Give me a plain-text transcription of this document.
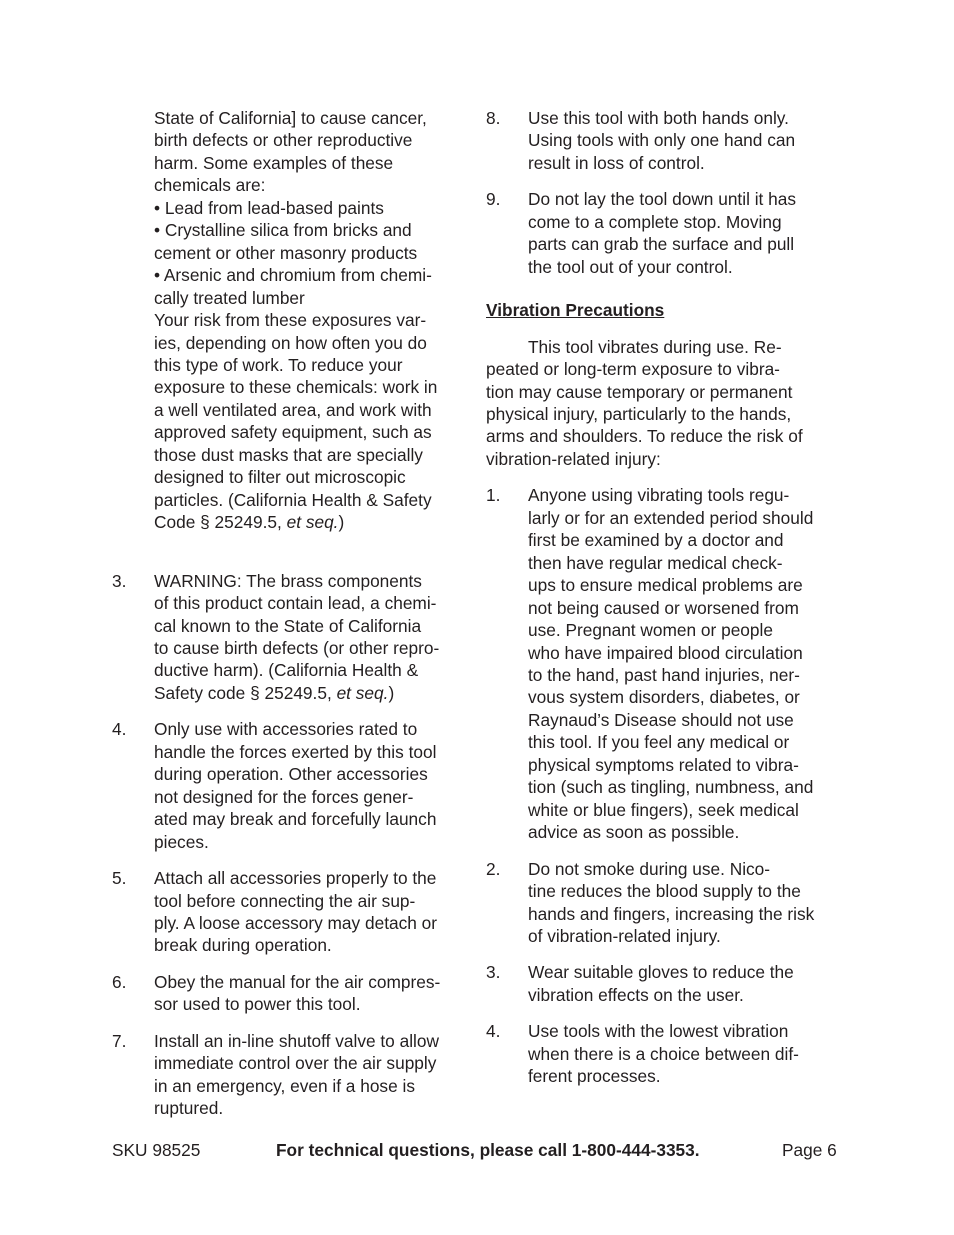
State of California] to cause cancer,
birth defects or other reproductive
harm. Some examples of these
chemicals are:
• Lead from lead-based paints
• Crystalline silica from bricks and
cement or other masonry products
• Arsenic and chromium from chemi-
cally treated lumber
Your risk from these exposures var-
ies, depending on how often you do
this type of work. To reduce your
exposure to these chemicals: work in
a well ventilated area, and work with
approved safety equipment, such as
those dust masks that are specially
designed to filter out microscopic
particles. (California Health & Safety
Code § 25249.5, et seq.)
3. WARNING: The brass components
of this product contain lead, a chemi-
cal known to the State of California
to cause birth defects (or other repro-
ductive harm). (California Health &
Safety code § 25249.5, et seq.)
4. Only use with accessories rated to
handle the forces exerted by this tool
during operation. Other accessories
not designed for the forces gener-
ated may break and forcefully launch
pieces.
5. Attach all accessories properly to the
tool before connecting the air sup-
ply. A loose accessory may detach or
break during operation.
6. Obey the manual for the air compres-
sor used to power this tool.
7. Install an in-line shutoff valve to allow
immediate control over the air supply
in an emergency, even if a hose is
ruptured.
8. Use this tool with both hands only.
Using tools with only one hand can
result in loss of control.
9. Do not lay the tool down until it has
come to a complete stop. Moving
parts can grab the surface and pull
the tool out of your control.
Vibration Precautions
This tool vibrates during use. Re-
peated or long-term exposure to vibra-
tion may cause temporary or permanent
physical injury, particularly to the hands,
arms and shoulders. To reduce the risk of
vibration-related injury:
1. Anyone using vibrating tools regu-
larly or for an extended period should
first be examined by a doctor and
then have regular medical check-
ups to ensure medical problems are
not being caused or worsened from
use. Pregnant women or people
who have impaired blood circulation
to the hand, past hand injuries, ner-
vous system disorders, diabetes, or
Raynaud’s Disease should not use
this tool. If you feel any medical or
physical symptoms related to vibra-
tion (such as tingling, numbness, and
white or blue fingers), seek medical
advice as soon as possible.
2. Do not smoke during use. Nico-
tine reduces the blood supply to the
hands and fingers, increasing the risk
of vibration-related injury.
3. Wear suitable gloves to reduce the
vibration effects on the user.
4. Use tools with the lowest vibration
when there is a choice between dif-
ferent processes.
SKU 98525	For technical questions, please call 1-800-444-3353.	Page 6
